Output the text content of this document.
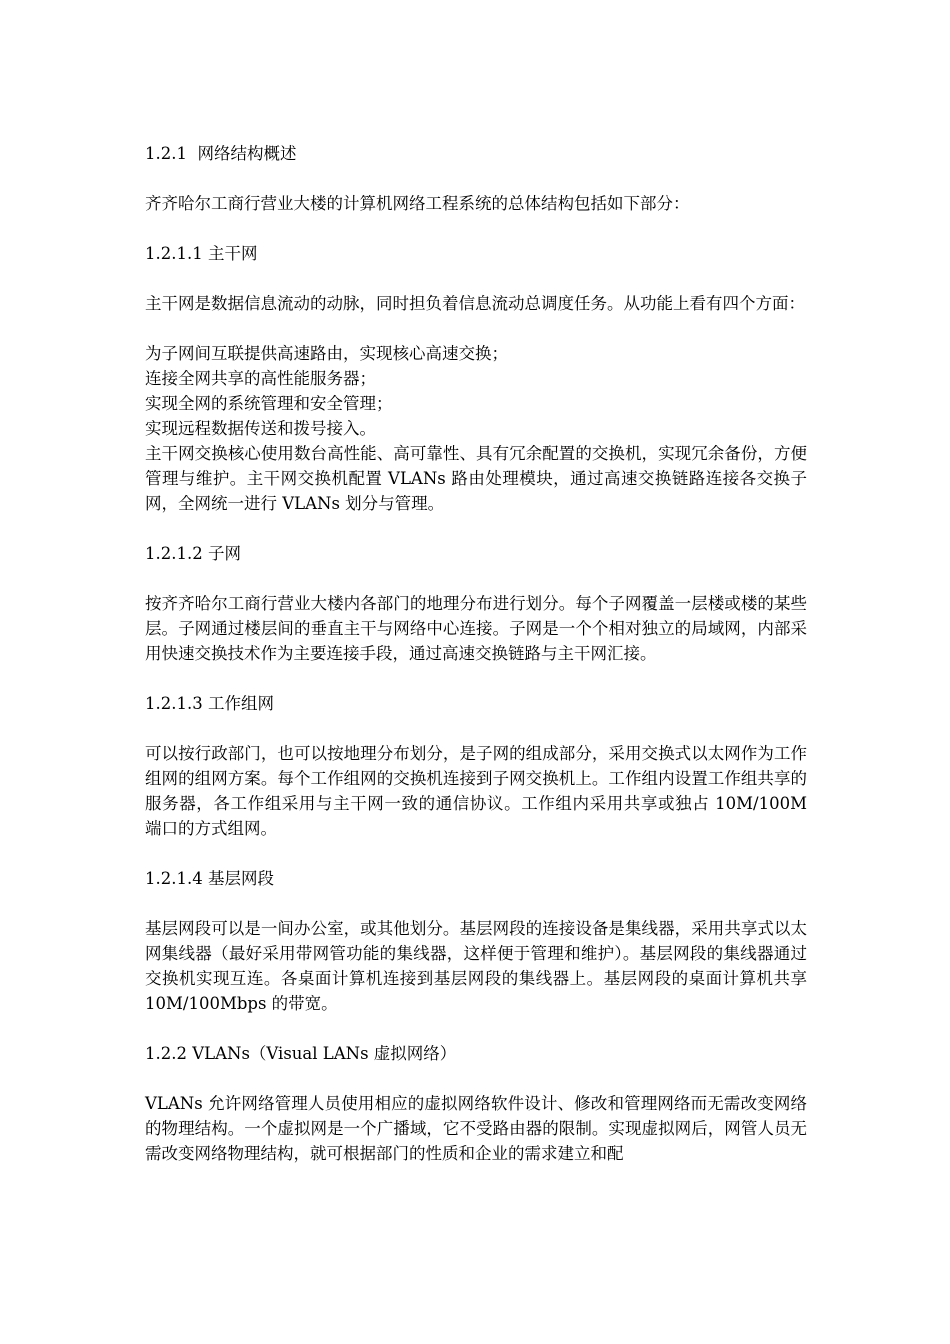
1.2.1  网络结构概述

齐齐哈尔工商行营业大楼的计算机网络工程系统的总体结构包括如下部分：

1.2.1.1 主干网

主干网是数据信息流动的动脉，同时担负着信息流动总调度任务。从功能上看有四个方面：

为子网间互联提供高速路由，实现核心高速交换；

连接全网共享的高性能服务器；

实现全网的系统管理和安全管理；

实现远程数据传送和拨号接入。

主干网交换核心使用数台高性能、高可靠性、具有冗余配置的交换机，实现冗余备份，方便管理与维护。主干网交换机配置 VLANs 路由处理模块，通过高速交换链路连接各交换子网，全网统一进行 VLANs 划分与管理。

1.2.1.2 子网

按齐齐哈尔工商行营业大楼内各部门的地理分布进行划分。每个子网覆盖一层楼或楼的某些层。子网通过楼层间的垂直主干与网络中心连接。子网是一个个相对独立的局域网，内部采用快速交换技术作为主要连接手段，通过高速交换链路与主干网汇接。

1.2.1.3 工作组网

可以按行政部门，也可以按地理分布划分，是子网的组成部分，采用交换式以太网作为工作组网的组网方案。每个工作组网的交换机连接到子网交换机上。工作组内设置工作组共享的服务器，各工作组采用与主干网一致的通信协议。工作组内采用共享或独占 10M/100M 端口的方式组网。

1.2.1.4 基层网段

基层网段可以是一间办公室，或其他划分。基层网段的连接设备是集线器，采用共享式以太网集线器（最好采用带网管功能的集线器，这样便于管理和维护）。基层网段的集线器通过交换机实现互连。各桌面计算机连接到基层网段的集线器上。基层网段的桌面计算机共享 10M/100Mbps 的带宽。

1.2.2 VLANs（Visual LANs 虚拟网络）

VLANs 允许网络管理人员使用相应的虚拟网络软件设计、修改和管理网络而无需改变网络的物理结构。一个虚拟网是一个广播域，它不受路由器的限制。实现虚拟网后，网管人员无需改变网络物理结构，就可根据部门的性质和企业的需求建立和配
